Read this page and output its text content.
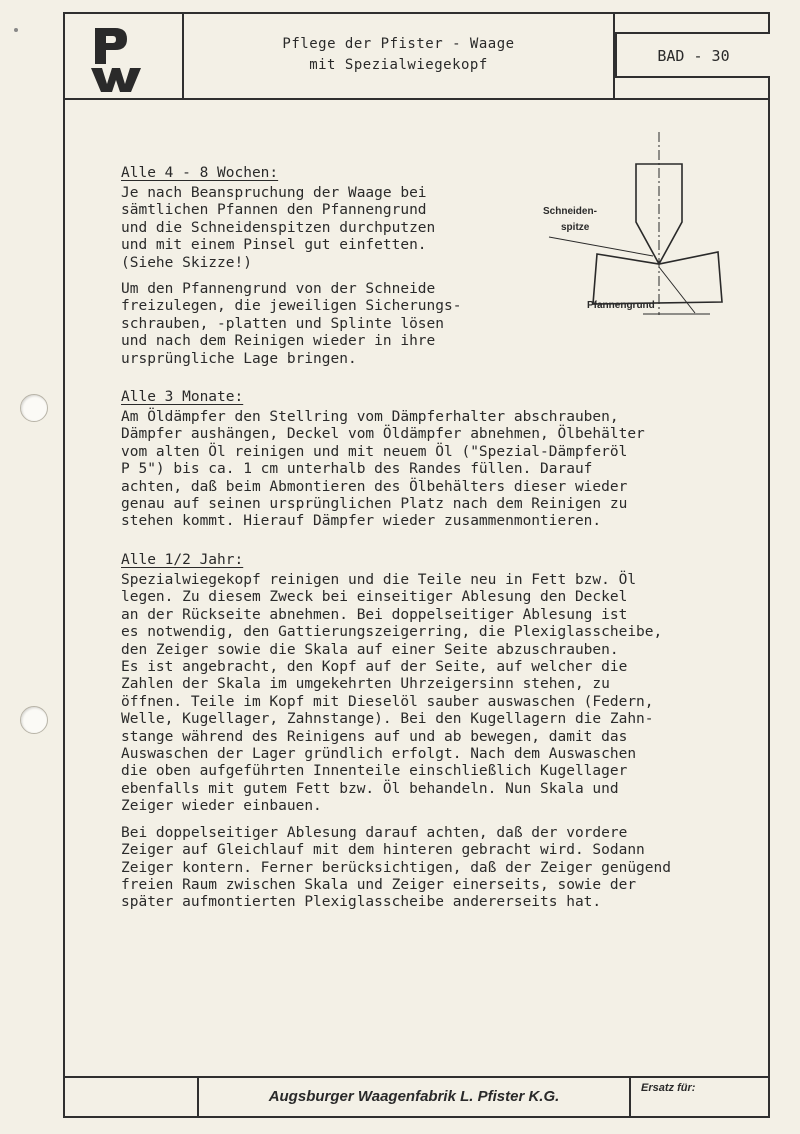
Pflege der Pfister - Waage
mit Spezialwiegekopf	BAD - 30
Alle 4 - 8 Wochen:

Je nach Beanspruchung der Waage bei
sämtlichen Pfannen den Pfannengrund
und die Schneidenspitzen durchputzen
und mit einem Pinsel gut einfetten.
(Siehe Skizze!)

Um den Pfannengrund von der Schneide
freizulegen, die jeweiligen Sicherungs-
schrauben, -platten und Splinte lösen
und nach dem Reinigen wieder in ihre
ursprüngliche Lage bringen.

Schneiden-
spitze
Pfannengrund
Alle 3 Monate:

Am Öldämpfer den Stellring vom Dämpferhalter abschrauben,
Dämpfer aushängen, Deckel vom Öldämpfer abnehmen, Ölbehälter
vom alten Öl reinigen und mit neuem Öl ("Spezial-Dämpferöl
P 5") bis ca. 1 cm unterhalb des Randes füllen. Darauf
achten, daß beim Abmontieren des Ölbehälters dieser wieder
genau auf seinen ursprünglichen Platz nach dem Reinigen zu
stehen kommt. Hierauf Dämpfer wieder zusammenmontieren.

Alle 1/2 Jahr:

Spezialwiegekopf reinigen und die Teile neu in Fett bzw. Öl
legen. Zu diesem Zweck bei einseitiger Ablesung den Deckel
an der Rückseite abnehmen. Bei doppelseitiger Ablesung ist
es notwendig, den Gattierungszeigerring, die Plexiglasscheibe,
den Zeiger sowie die Skala auf einer Seite abzuschrauben.
Es ist angebracht, den Kopf auf der Seite, auf welcher die
Zahlen der Skala im umgekehrten Uhrzeigersinn stehen, zu
öffnen. Teile im Kopf mit Dieselöl sauber auswaschen (Federn,
Welle, Kugellager, Zahnstange). Bei den Kugellagern die Zahn-
stange während des Reinigens auf und ab bewegen, damit das
Auswaschen der Lager gründlich erfolgt. Nach dem Auswaschen
die oben aufgeführten Innenteile einschließlich Kugellager
ebenfalls mit gutem Fett bzw. Öl behandeln. Nun Skala und
Zeiger wieder einbauen.

Bei doppelseitiger Ablesung darauf achten, daß der vordere
Zeiger auf Gleichlauf mit dem hinteren gebracht wird. Sodann
Zeiger kontern. Ferner berücksichtigen, daß der Zeiger genügend
freien Raum zwischen Skala und Zeiger einerseits, sowie der
später aufmontierten Plexiglasscheibe andererseits hat.

Augsburger Waagenfabrik L. Pfister K.G.	Ersatz für:
